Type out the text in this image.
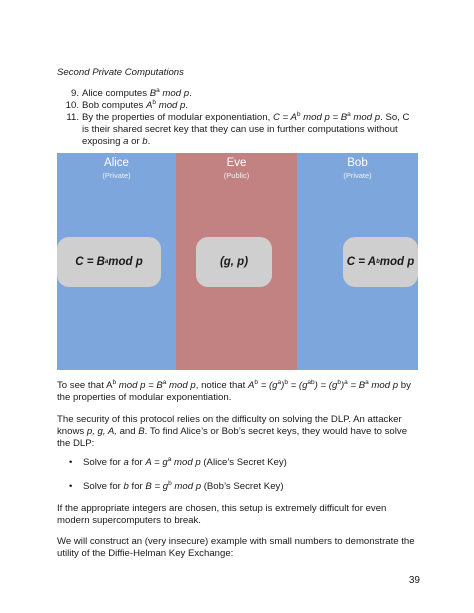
Second Private Computations
9. Alice computes $B^a$ mod p.
10. Bob computes $A^b$ mod p.
11. By the properties of modular exponentiation, $C = A^b$ mod $p = B^a$ mod p. So, C is their shared secret key that they can use in further computations without exposing a or b.
Alice
(Private)
C = B a mod p
Eve
(Public)
(g, p)
Bob
(Private)
C = A b mod p
To see that $A^b$ mod $p = B^a$ mod p, notice that $A^b = (g^a)^b = (g^{ab}) = (g^b)^a = B^a$ mod p by the properties of modular exponentiation.
The security of this protocol relies on the difficulty on solving the DLP. An attacker knows p, g, A, and B. To find Alice’s or Bob’s secret keys, they would have to solve the DLP:
• Solve for a for $A = g^a$ mod p (Alice’s Secret Key)
• Solve for b for $B = g^b$ mod p (Bob’s Secret Key)
If the appropriate integers are chosen, this setup is extremely difficult for even modern supercomputers to break.
We will construct an (very insecure) example with small numbers to demonstrate the utility of the Diffie-Helman Key Exchange:
39
